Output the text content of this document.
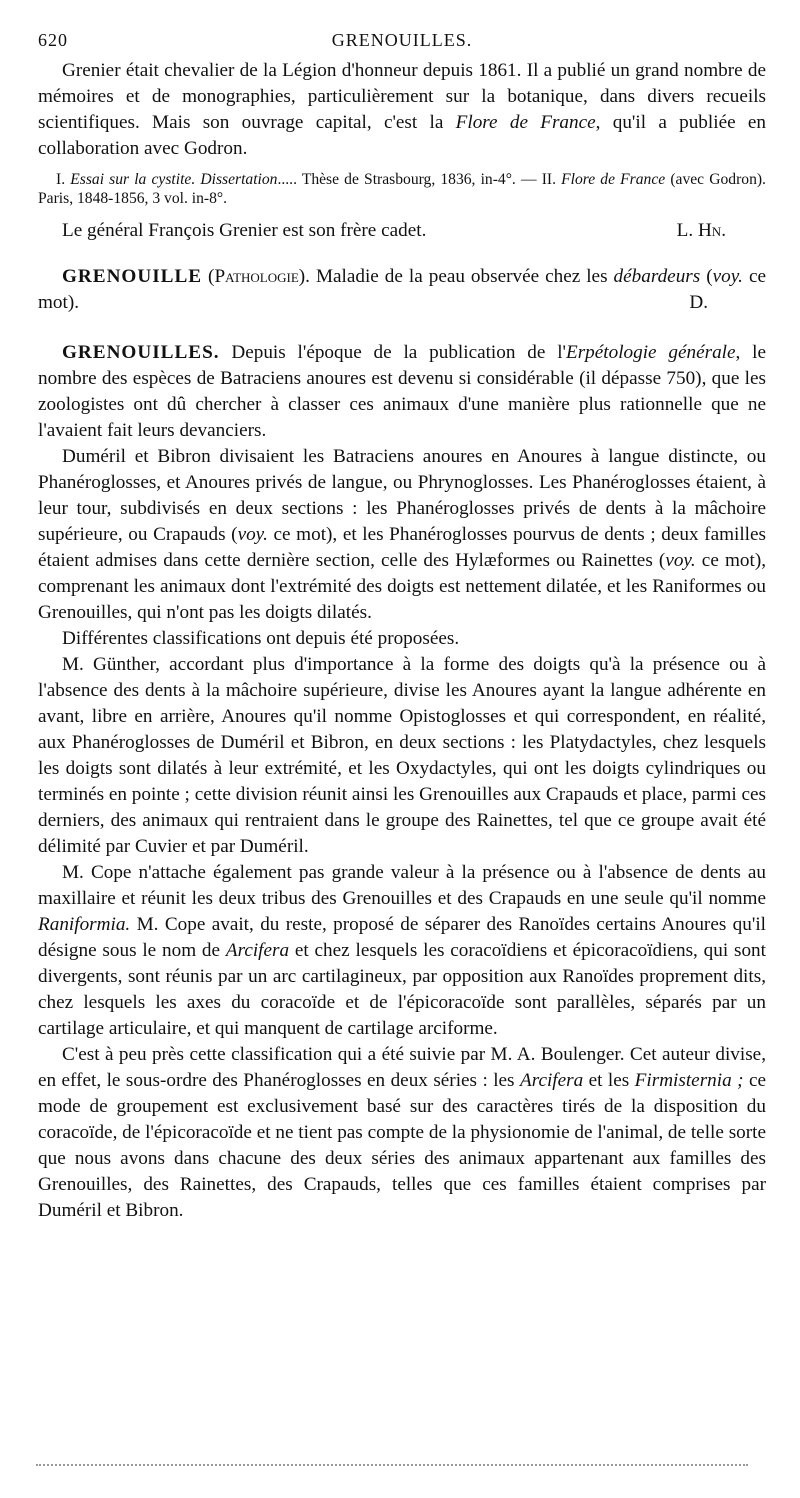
620	GRENOUILLES.

Grenier était chevalier de la Légion d'honneur depuis 1861. Il a publié un grand nombre de mémoires et de monographies, particulièrement sur la botanique, dans divers recueils scientifiques. Mais son ouvrage capital, c'est la Flore de France, qu'il a publiée en collaboration avec Godron.

I. Essai sur la cystite. Dissertation..... Thèse de Strasbourg, 1836, in-4°. — II. Flore de France (avec Godron). Paris, 1848-1856, 3 vol. in-8°.

Le général François Grenier est son frère cadet.	L. Hn.

GRENOUILLE (Pathologie). Maladie de la peau observée chez les débardeurs (voy. ce mot).	D.

GRENOUILLES. Depuis l'époque de la publication de l'Erpétologie générale, le nombre des espèces de Batraciens anoures est devenu si considérable (il dépasse 750), que les zoologistes ont dû chercher à classer ces animaux d'une manière plus rationnelle que ne l'avaient fait leurs devanciers.

Duméril et Bibron divisaient les Batraciens anoures en Anoures à langue distincte, ou Phanéroglosses, et Anoures privés de langue, ou Phrynoglosses. Les Phanéroglosses étaient, à leur tour, subdivisés en deux sections : les Phanéroglosses privés de dents à la mâchoire supérieure, ou Crapauds (voy. ce mot), et les Phanéroglosses pourvus de dents ; deux familles étaient admises dans cette dernière section, celle des Hylæformes ou Rainettes (voy. ce mot), comprenant les animaux dont l'extrémité des doigts est nettement dilatée, et les Raniformes ou Grenouilles, qui n'ont pas les doigts dilatés.

Différentes classifications ont depuis été proposées.

M. Günther, accordant plus d'importance à la forme des doigts qu'à la présence ou à l'absence des dents à la mâchoire supérieure, divise les Anoures ayant la langue adhérente en avant, libre en arrière, Anoures qu'il nomme Opistoglosses et qui correspondent, en réalité, aux Phanéroglosses de Duméril et Bibron, en deux sections : les Platydactyles, chez lesquels les doigts sont dilatés à leur extrémité, et les Oxydactyles, qui ont les doigts cylindriques ou terminés en pointe ; cette division réunit ainsi les Grenouilles aux Crapauds et place, parmi ces derniers, des animaux qui rentraient dans le groupe des Rainettes, tel que ce groupe avait été délimité par Cuvier et par Duméril.

M. Cope n'attache également pas grande valeur à la présence ou à l'absence de dents au maxillaire et réunit les deux tribus des Grenouilles et des Crapauds en une seule qu'il nomme Raniformia. M. Cope avait, du reste, proposé de séparer des Ranoïdes certains Anoures qu'il désigne sous le nom de Arcifera et chez lesquels les coracoïdiens et épicoracoïdiens, qui sont divergents, sont réunis par un arc cartilagineux, par opposition aux Ranoïdes proprement dits, chez lesquels les axes du coracoïde et de l'épicoracoïde sont parallèles, séparés par un cartilage articulaire, et qui manquent de cartilage arciforme.

C'est à peu près cette classification qui a été suivie par M. A. Boulenger. Cet auteur divise, en effet, le sous-ordre des Phanéroglosses en deux séries : les Arcifera et les Firmisternia ; ce mode de groupement est exclusivement basé sur des caractères tirés de la disposition du coracoïde, de l'épicoracoïde et ne tient pas compte de la physionomie de l'animal, de telle sorte que nous avons dans chacune des deux séries des animaux appartenant aux familles des Grenouilles, des Rainettes, des Crapauds, telles que ces familles étaient comprises par Duméril et Bibron.
